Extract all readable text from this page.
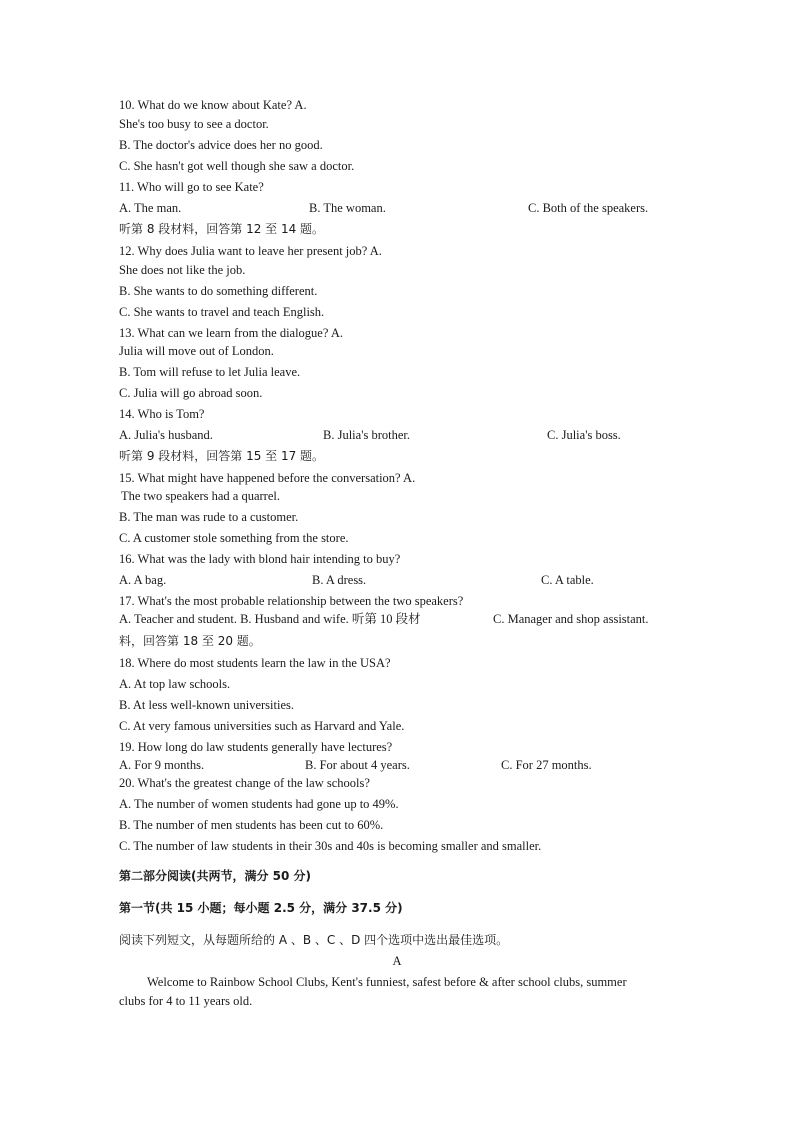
10. What do we know about Kate? A.
She's too busy to see a doctor.
B. The doctor's advice does her no good.
C. She hasn't got well though she saw a doctor.
11. Who will go to see Kate?
A. The man.	B. The woman.	C. Both of the speakers.
听第 8 段材料，回答第 12 至 14 题。
12. Why does Julia want to leave her present job? A.
She does not like the job.
B. She wants to do something different.
C. She wants to travel and teach English.
13. What can we learn from the dialogue? A.
Julia will move out of London.
B. Tom will refuse to let Julia leave.
C. Julia will go abroad soon.
14. Who is Tom?
A. Julia's husband.	B. Julia's brother.	C. Julia's boss.
听第 9 段材料，回答第 15 至 17 题。
15. What might have happened before the conversation? A.
The two speakers had a quarrel.
B. The man was rude to a customer.
C. A customer stole something from the store.
16. What was the lady with blond hair intending to buy?
A. A bag.	B. A dress.	C. A table.
17. What's the most probable relationship between the two speakers?
A. Teacher and student. B. Husband and wife. 听第 10 段材	C. Manager and shop assistant.
料，回答第 18 至 20 题。
18. Where do most students learn the law in the USA?
A. At top law schools.
B. At less well-known universities.
C. At very famous universities such as Harvard and Yale.
19. How long do law students generally have lectures?
A. For 9 months.	B. For about 4 years.	C. For 27 months.
20. What's the greatest change of the law schools?
A. The number of women students had gone up to 49%.
B. The number of men students has been cut to 60%.
C. The number of law students in their 30s and 40s is becoming smaller and smaller.
第二部分阅读(共两节，满分 50 分)
第一节(共 15 小题；每小题 2.5 分，满分 37.5 分)
阅读下列短文，从每题所给的 A 、B 、C 、D 四个选项中选出最佳选项。
A
Welcome to Rainbow School Clubs, Kent's funniest, safest before & after school clubs, summer
clubs for 4 to 11 years old.
